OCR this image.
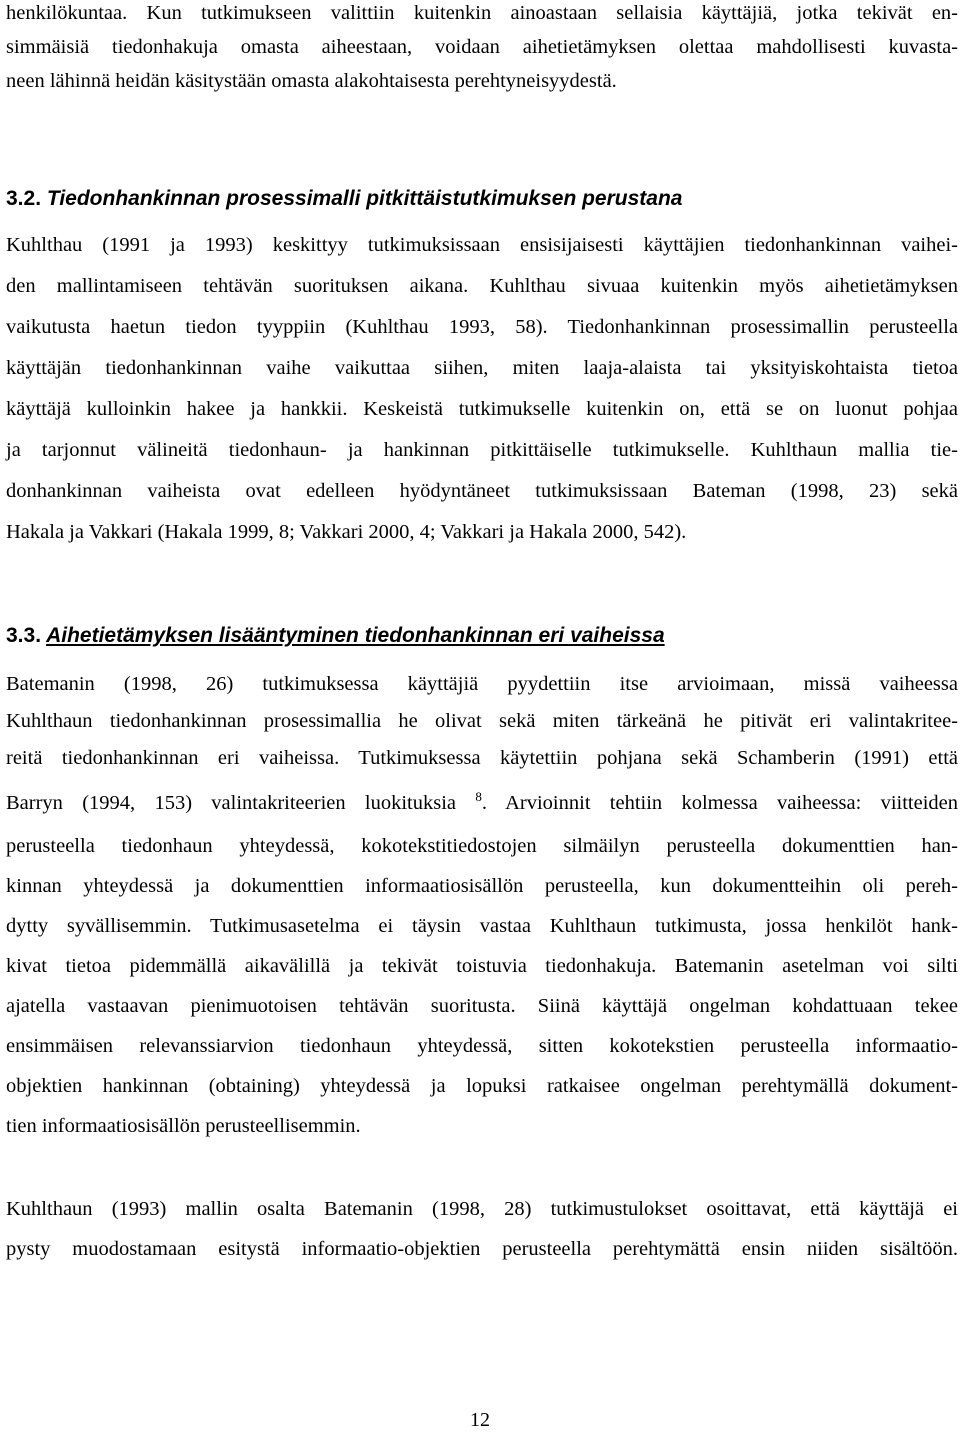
henkilökuntaa. Kun tutkimukseen valittiin kuitenkin ainoastaan sellaisia käyttäjiä, jotka tekivät en-
simmäisiä tiedonhakuja omasta aiheestaan, voidaan aihetietämyksen olettaa mahdollisesti kuvasta-
neen lähinnä heidän käsitystään omasta alakohtaisesta perehtyneisyydestä.
3.2. Tiedonhankinnan prosessimalli pitkittäistutkimuksen perustana
Kuhlthau (1991 ja 1993) keskittyy tutkimuksissaan ensisijaisesti käyttäjien tiedonhankinnan vaihei-
den mallintamiseen tehtävän suorituksen aikana. Kuhlthau sivuaa kuitenkin myös aihetietämyksen
vaikutusta haetun tiedon tyyppiin (Kuhlthau 1993, 58). Tiedonhankinnan prosessimallin perusteella
käyttäjän tiedonhankinnan vaihe vaikuttaa siihen, miten laaja-alaista tai yksityiskohtaista tietoa
käyttäjä kulloinkin hakee ja hankkii. Keskeistä tutkimukselle kuitenkin on, että se on luonut pohjaa
ja tarjonnut välineitä tiedonhaun- ja hankinnan pitkittäiselle tutkimukselle. Kuhlthaun mallia tie-
donhankinnan vaiheista ovat edelleen hyödyntäneet tutkimuksissaan Bateman (1998, 23) sekä
Hakala ja Vakkari (Hakala 1999, 8; Vakkari 2000, 4; Vakkari ja Hakala 2000, 542).
3.3. Aihetietämyksen lisääntyminen tiedonhankinnan eri vaiheissa
Batemanin (1998, 26) tutkimuksessa käyttäjiä pyydettiin itse arvioimaan, missä vaiheessa
Kuhlthaun tiedonhankinnan prosessimallia he olivat sekä miten tärkeänä he pitivät eri valintakritee-
reitä tiedonhankinnan eri vaiheissa. Tutkimuksessa käytettiin pohjana sekä Schamberin (1991) että
Barryn (1994, 153) valintakriteerien luokituksia $^8$. Arvioinnit tehtiin kolmessa vaiheessa: viitteiden
perusteella tiedonhaun yhteydessä, kokotekstitiedostojen silmäilyn perusteella dokumenttien han-
kinnan yhteydessä ja dokumenttien informaatiosisällön perusteella, kun dokumentteihin oli pereh-
dytty syvällisemmin. Tutkimusasetelma ei täysin vastaa Kuhlthaun tutkimusta, jossa henkilöt hank-
kivat tietoa pidemmällä aikavälillä ja tekivät toistuvia tiedonhakuja. Batemanin asetelman voi silti
ajatella vastaavan pienimuotoisen tehtävän suoritusta. Siinä käyttäjä ongelman kohdattuaan tekee
ensimmäisen relevanssiarvion tiedonhaun yhteydessä, sitten kokotekstien perusteella informaatio-
objektien hankinnan (obtaining) yhteydessä ja lopuksi ratkaisee ongelman perehtymällä dokument-
tien informaatiosisällön perusteellisemmin.
Kuhlthaun (1993) mallin osalta Batemanin (1998, 28) tutkimustulokset osoittavat, että käyttäjä ei
pysty muodostamaan esitystä informaatio-objektien perusteella perehtymättä ensin niiden sisältöön.
12
